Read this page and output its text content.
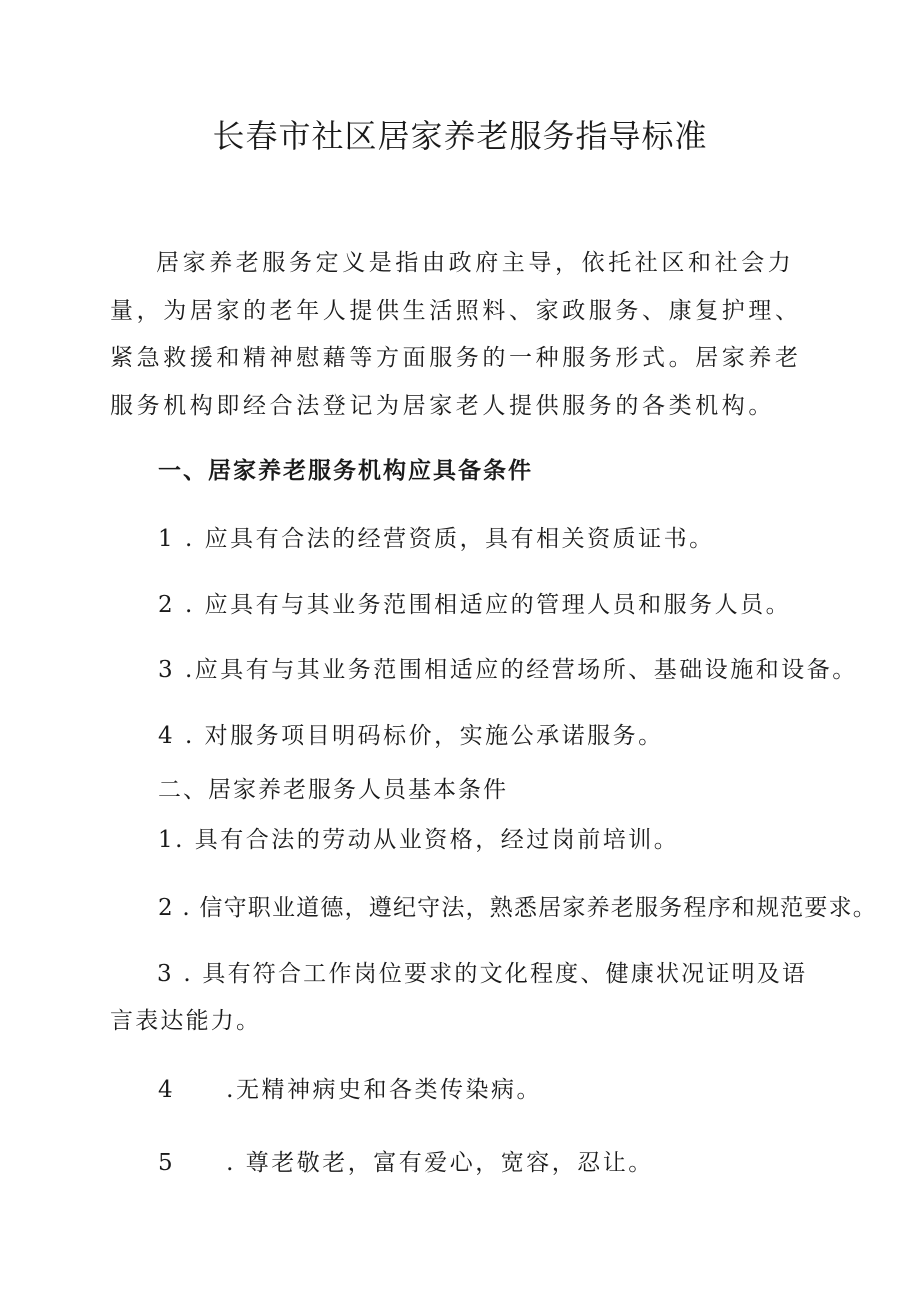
长春市社区居家养老服务指导标准

居家养老服务定义是指由政府主导，依托社区和社会力量，为居家的老年人提供生活照料、家政服务、康复护理、紧急救援和精神慰藉等方面服务的一种服务形式。居家养老服务机构即经合法登记为居家老人提供服务的各类机构。

一、居家养老服务机构应具备条件

1 . 应具有合法的经营资质，具有相关资质证书。

2 . 应具有与其业务范围相适应的管理人员和服务人员。

3 .应具有与其业务范围相适应的经营场所、基础设施和设备。

4 . 对服务项目明码标价，实施公承诺服务。

二、居家养老服务人员基本条件

1. 具有合法的劳动从业资格，经过岗前培训。

2 . 信守职业道德，遵纪守法，熟悉居家养老服务程序和规范要求。

3 . 具有符合工作岗位要求的文化程度、健康状况证明及语言表达能力。

4　　.无精神病史和各类传染病。

5　　. 尊老敬老，富有爱心，宽容，忍让。
